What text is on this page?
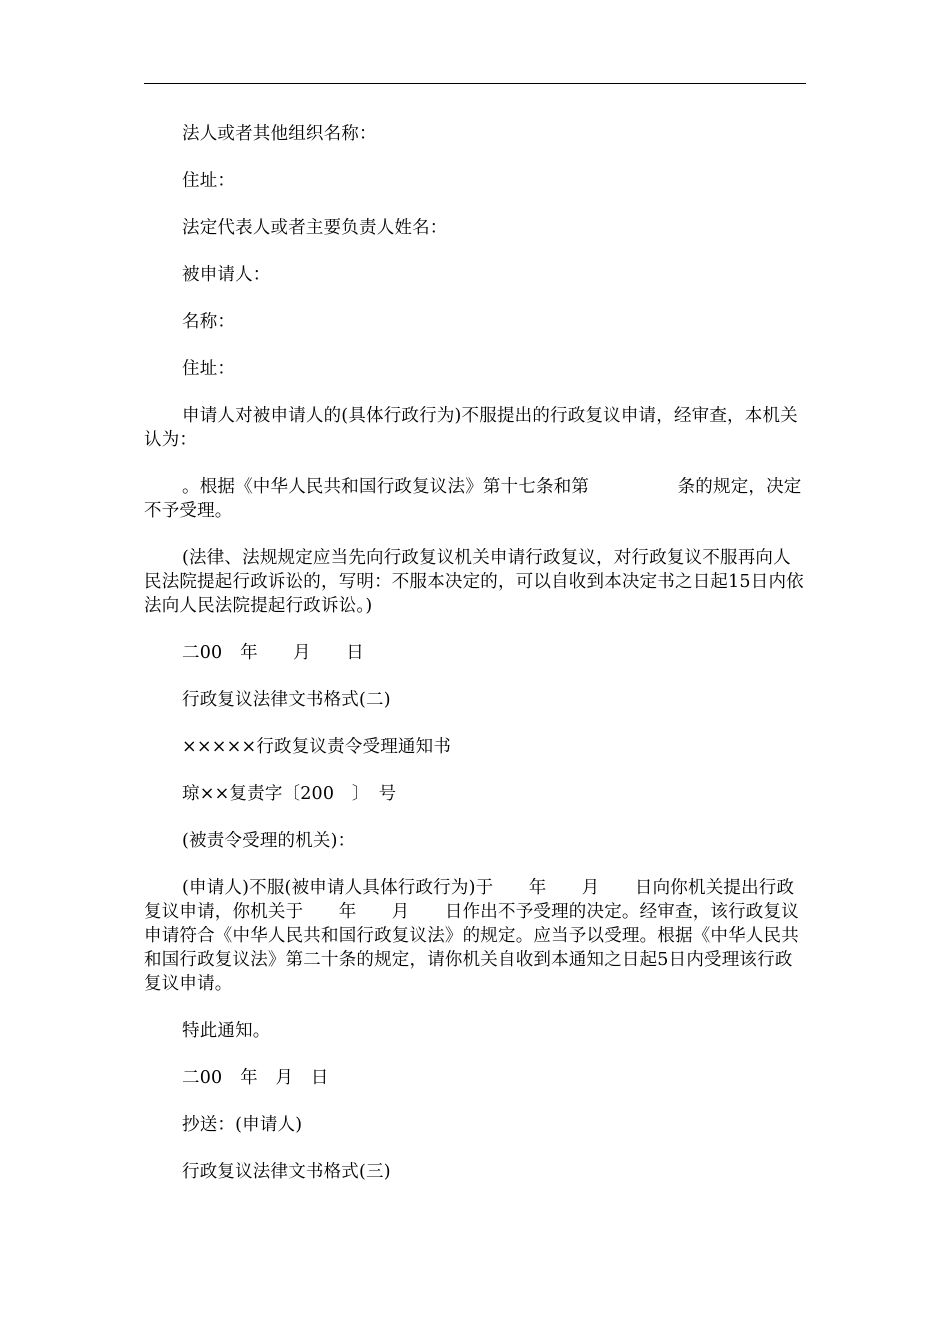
法人或者其他组织名称：

住址：

法定代表人或者主要负责人姓名：

被申请人：

名称：

住址：

申请人对被申请人的(具体行政行为)不服提出的行政复议申请，经审查，本机关认为：

。根据《中华人民共和国行政复议法》第十七条和第　　　　　条的规定，决定不予受理。

(法律、法规规定应当先向行政复议机关申请行政复议，对行政复议不服再向人民法院提起行政诉讼的，写明：不服本决定的，可以自收到本决定书之日起15日内依法向人民法院提起行政诉讼。)

二00　年　　月　　日

行政复议法律文书格式(二)

×××××行政复议责令受理通知书

琼××复责字〔200　〕　号

(被责令受理的机关)：

(申请人)不服(被申请人具体行政行为)于　　年　　月　　日向你机关提出行政复议申请，你机关于　　年　　月　　日作出不予受理的决定。经审查，该行政复议申请符合《中华人民共和国行政复议法》的规定。应当予以受理。根据《中华人民共和国行政复议法》第二十条的规定，请你机关自收到本通知之日起5日内受理该行政复议申请。

特此通知。

二00　年　月　日

抄送：(申请人)

行政复议法律文书格式(三)
